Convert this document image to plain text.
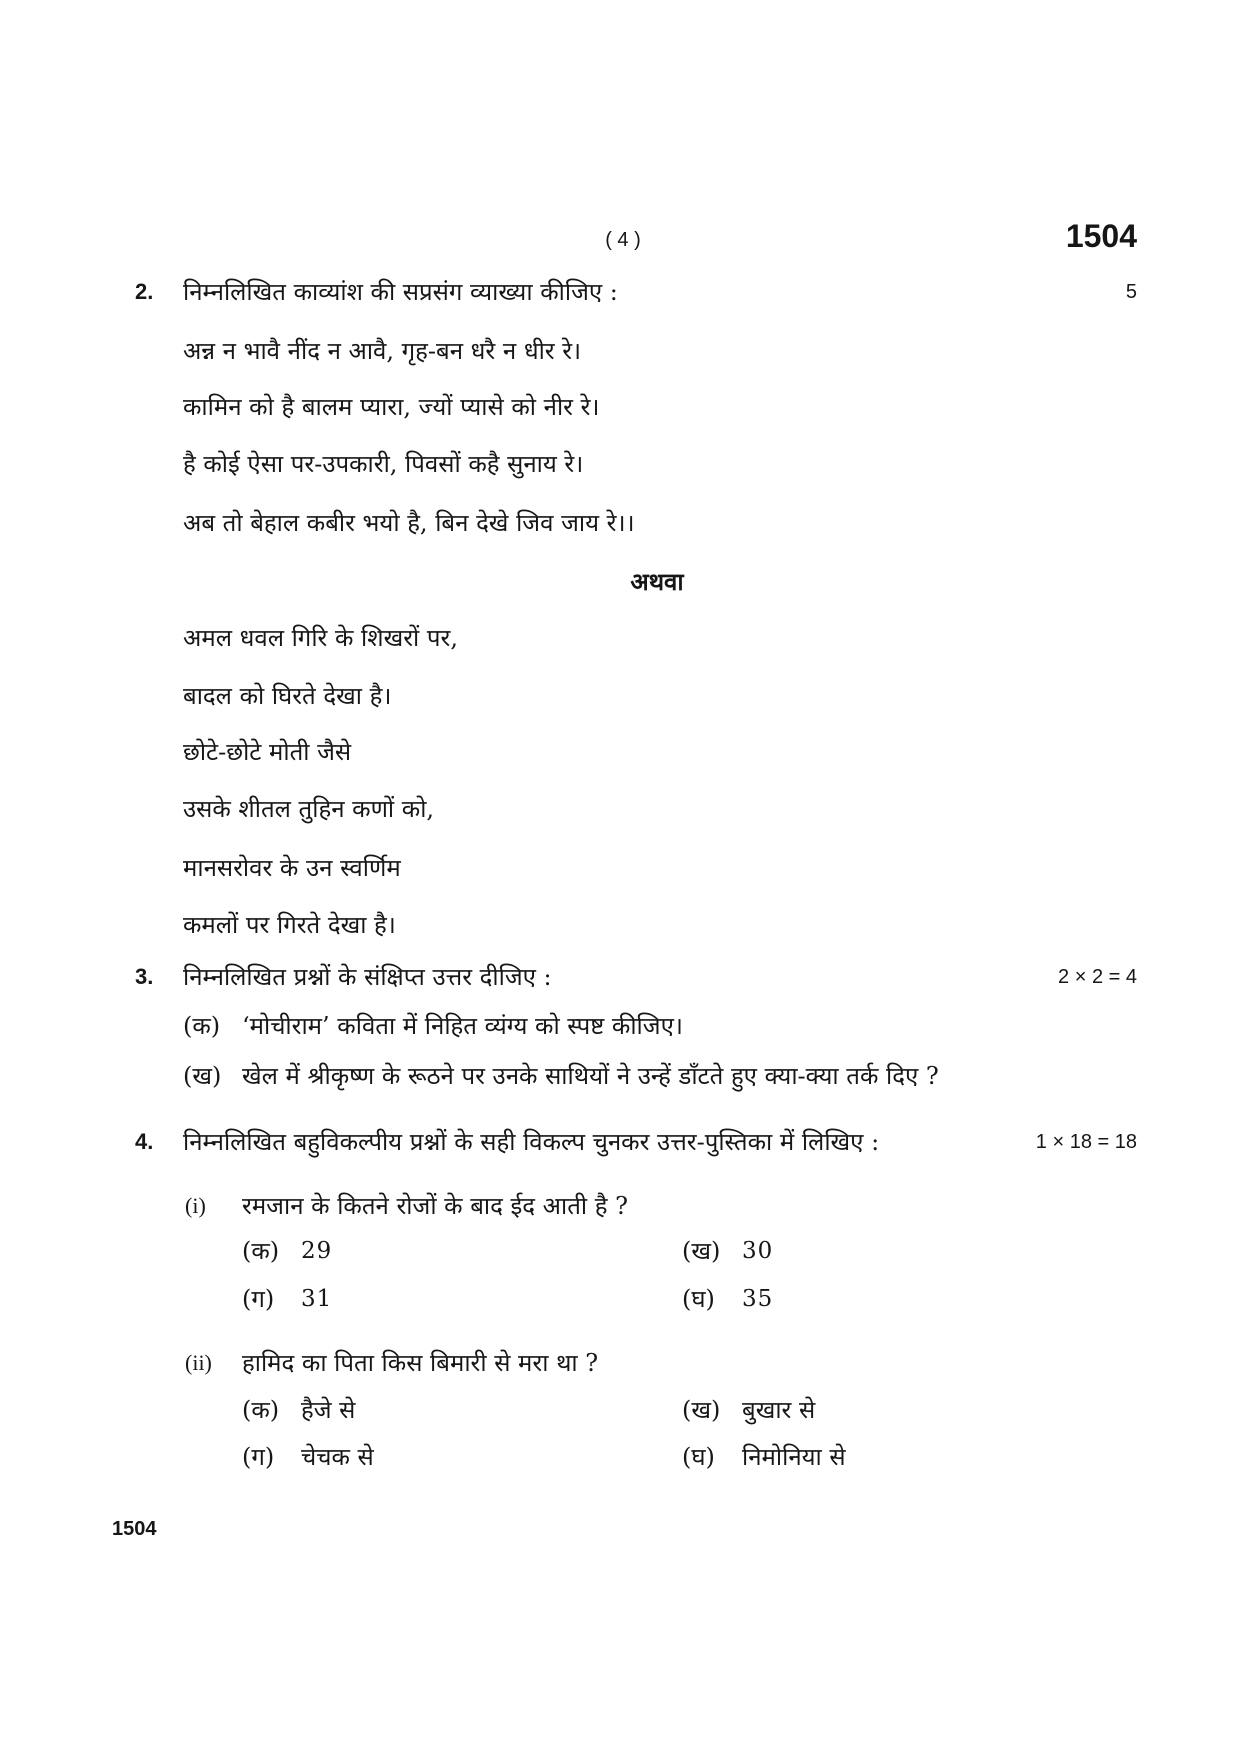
( 4 )	1504
2. निम्नलिखित काव्यांश की सप्रसंग व्याख्या कीजिए :	5
अन्न न भावै नींद न आवै, गृह-बन धरै न धीर रे।
कामिन को है बालम प्यारा, ज्यों प्यासे को नीर रे।
है कोई ऐसा पर-उपकारी, पिवसों कहै सुनाय रे।
अब तो बेहाल कबीर भयो है, बिन देखे जिव जाय रे।।
अथवा
अमल धवल गिरि के शिखरों पर,
बादल को घिरते देखा है।
छोटे-छोटे मोती जैसे
उसके शीतल तुहिन कणों को,
मानसरोवर के उन स्वर्णिम
कमलों पर गिरते देखा है।
3. निम्नलिखित प्रश्नों के संक्षिप्त उत्तर दीजिए :	2 × 2 = 4
(क) ‘मोचीराम’ कविता में निहित व्यंग्य को स्पष्ट कीजिए।
(ख) खेल में श्रीकृष्ण के रूठने पर उनके साथियों ने उन्हें डाँटते हुए क्या-क्या तर्क दिए ?
4. निम्नलिखित बहुविकल्पीय प्रश्नों के सही विकल्प चुनकर उत्तर-पुस्तिका में लिखिए :	1 × 18 = 18
(i) रमजान के कितने रोजों के बाद ईद आती है ?
(क) 29	(ख) 30
(ग) 31	(घ) 35
(ii) हामिद का पिता किस बिमारी से मरा था ?
(क) हैजे से	(ख) बुखार से
(ग) चेचक से	(घ) निमोनिया से
1504
